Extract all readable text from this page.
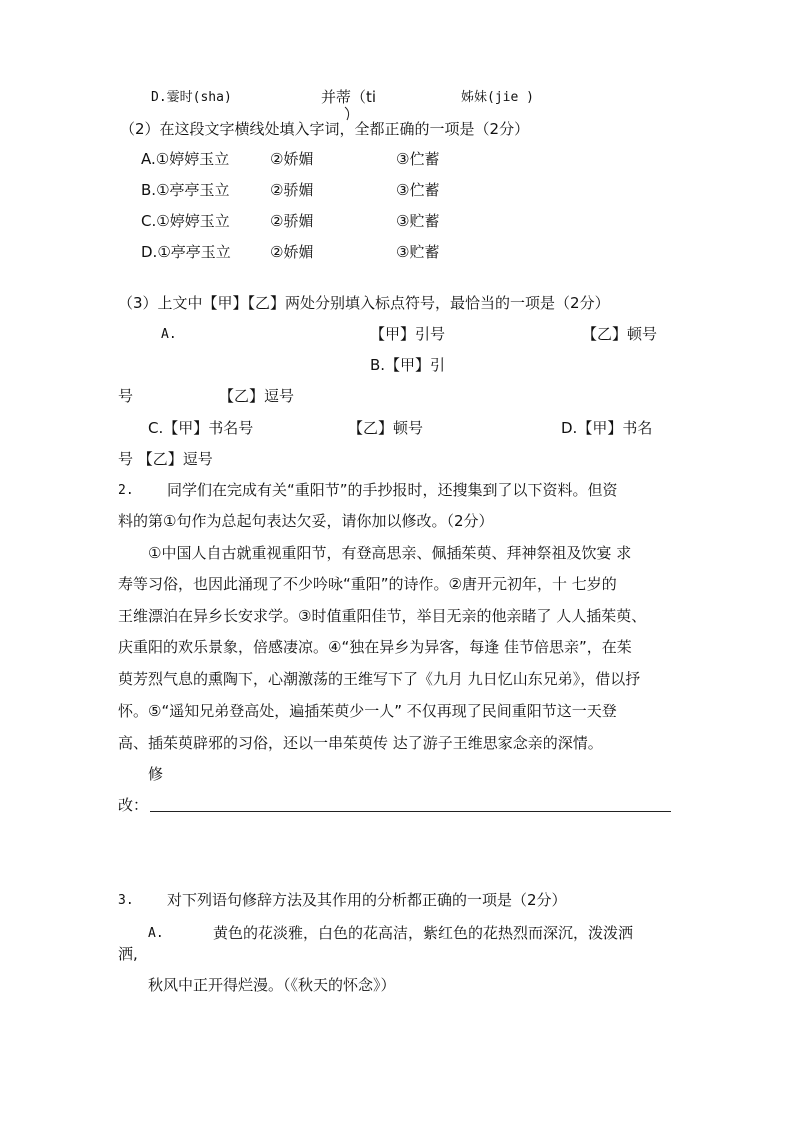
D.霎时(sha)	并蒂（ti	姊妹(jie )
（2）在这段文字横线处填入字词，全都正确的一项是（2分）
A.①婷婷玉立	②娇媚	③伫蓄
B.①亭亭玉立	②骄媚	③伫蓄
C.①婷婷玉立	②骄媚	③贮蓄
D.①亭亭玉立	②娇媚	③贮蓄
（3）上文中【甲】【乙】两处分别填入标点符号，最恰当的一项是（2分）
A.	【甲】引号	【乙】顿号
B.【甲】引
号	【乙】逗号
C.【甲】书名号	【乙】顿号	D.【甲】书名
号 【乙】逗号
2. 同学们在完成有关“重阳节”的手抄报时，还搜集到了以下资料。但资
料的第①句作为总起句表达欠妥，请你加以修改。（2分）
①中国人自古就重视重阳节，有登高思亲、佩插茱萸、拜神祭祖及饮宴 求
寿等习俗，也因此涌现了不少吟咏“重阳”的诗作。②唐开元初年，十 七岁的
王维漂泊在异乡长安求学。③时值重阳佳节，举目无亲的他亲睹了 人人插茱萸、
庆重阳的欢乐景象，倍感凄凉。④“独在异乡为异客，每逢 佳节倍思亲”，在茱
萸芳烈气息的熏陶下，心潮激荡的王维写下了《九月 九日忆山东兄弟》，借以抒
怀。⑤“遥知兄弟登高处，遍插茱萸少一人” 不仅再现了民间重阳节这一天登
高、插茱萸辟邪的习俗，还以一串茱萸传 达了游子王维思家念亲的深情。
修
改：
3. 对下列语句修辞方法及其作用的分析都正确的一项是（2分）
A.	黄色的花淡雅，白色的花高洁，紫红色的花热烈而深沉，泼泼洒
洒,
秋风中正开得烂漫。（《秋天的怀念》）
